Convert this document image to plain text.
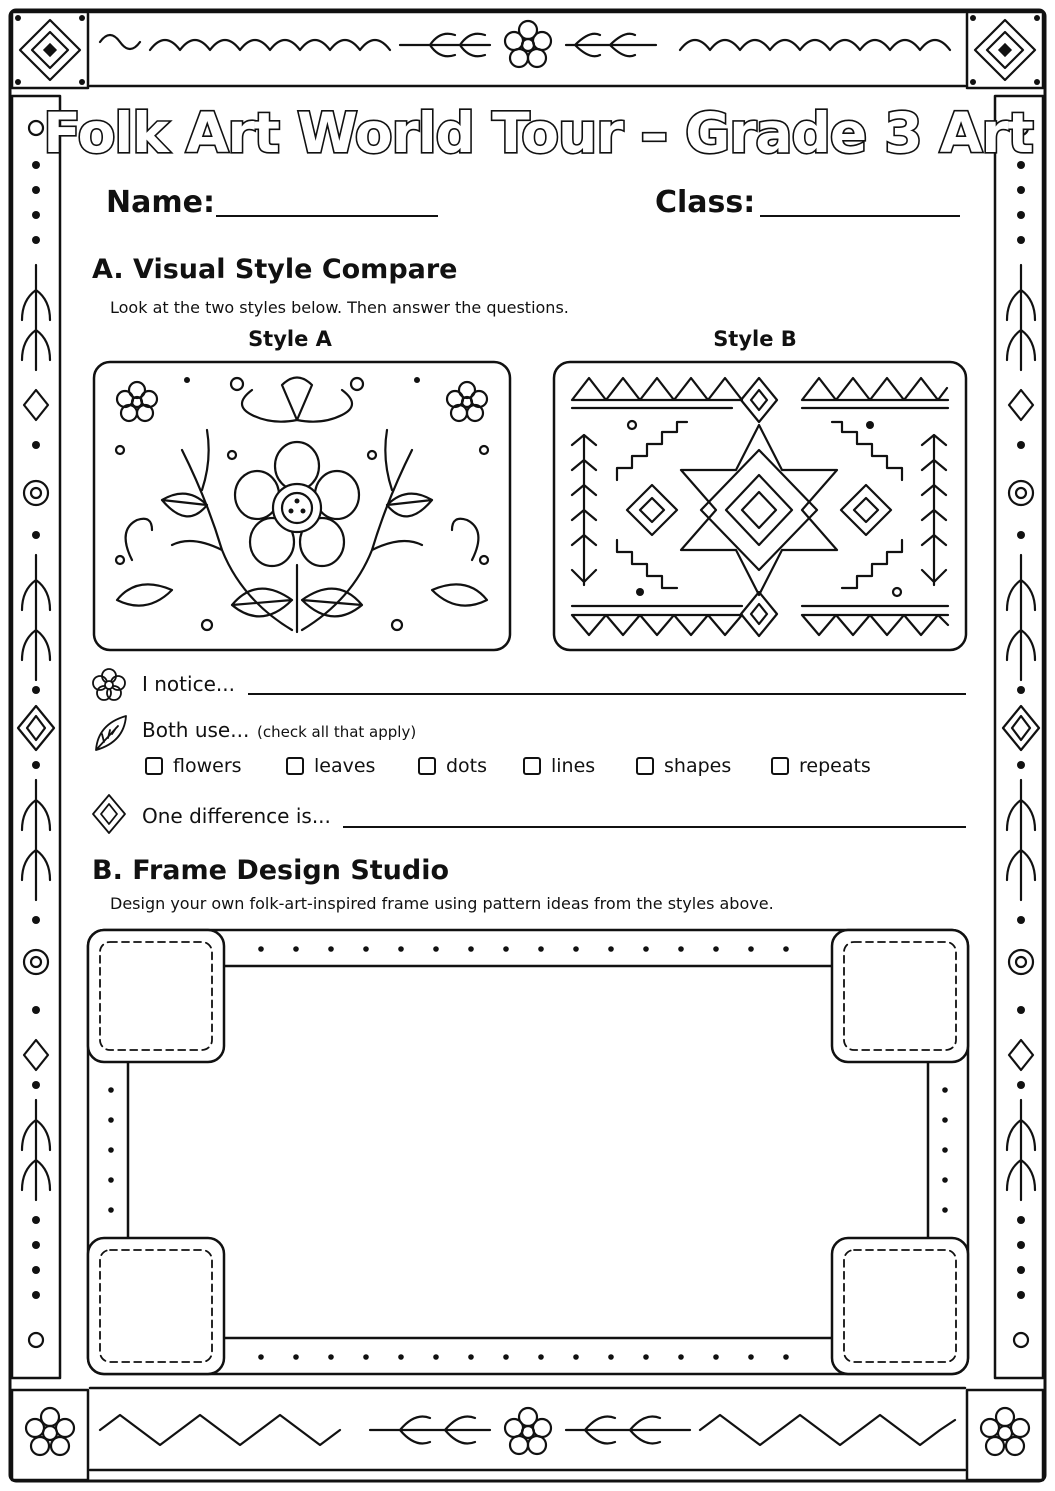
Folk Art World Tour – Grade 3 Art
Name:	Class:
A. Visual Style Compare
Look at the two styles below. Then answer the questions.
Style A	Style B
I notice...
Both use... (check all that apply)
flowers	leaves	dots	lines	shapes	repeats
One difference is...
B. Frame Design Studio
Design your own folk-art-inspired frame using pattern ideas from the styles above.
